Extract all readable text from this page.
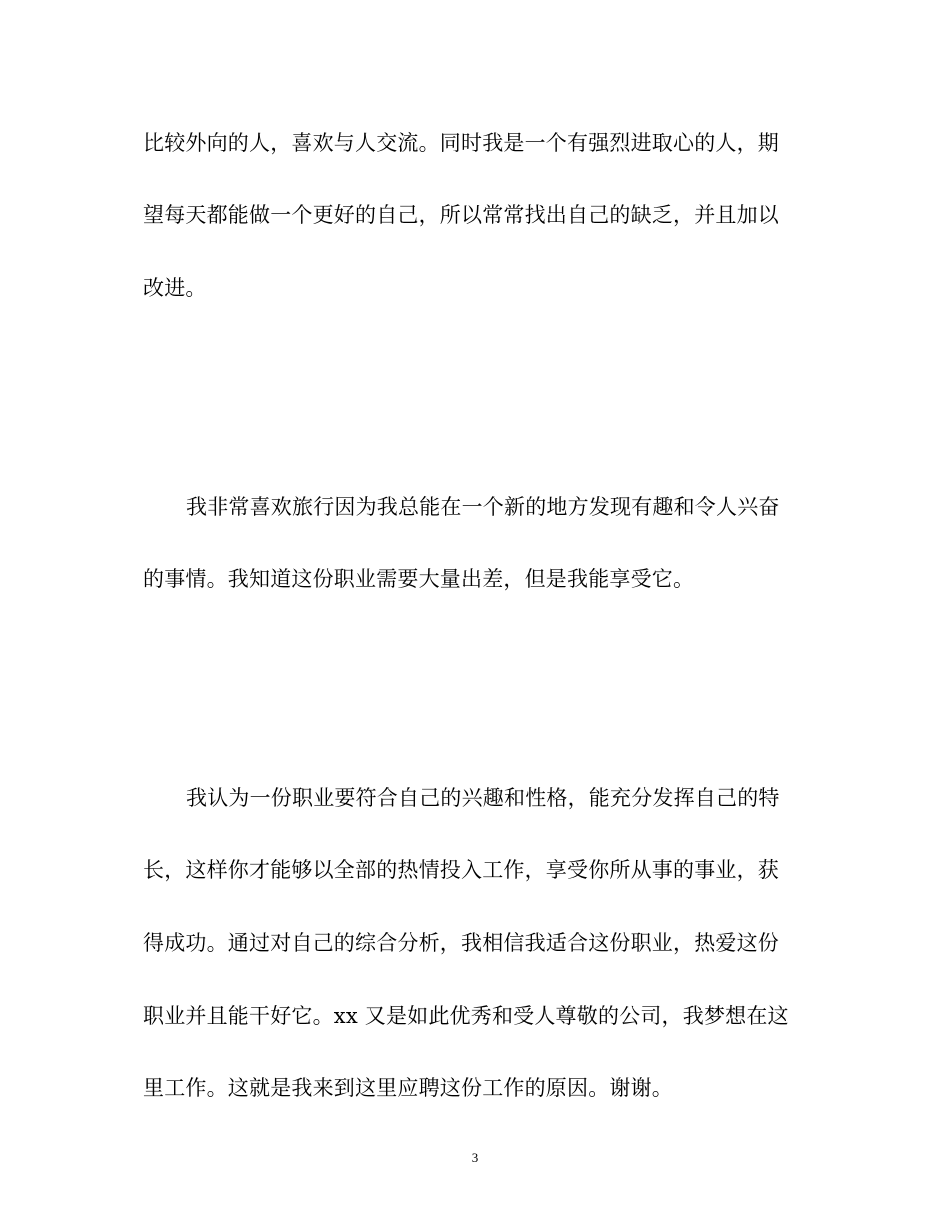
比较外向的人，喜欢与人交流。同时我是一个有强烈进取心的人，期
望每天都能做一个更好的自己，所以常常找出自己的缺乏，并且加以
改进。
我非常喜欢旅行因为我总能在一个新的地方发现有趣和令人兴奋
的事情。我知道这份职业需要大量出差，但是我能享受它。
我认为一份职业要符合自己的兴趣和性格，能充分发挥自己的特
长，这样你才能够以全部的热情投入工作，享受你所从事的事业，获
得成功。通过对自己的综合分析，我相信我适合这份职业，热爱这份
职业并且能干好它。xx 又是如此优秀和受人尊敬的公司，我梦想在这
里工作。这就是我来到这里应聘这份工作的原因。谢谢。
3
